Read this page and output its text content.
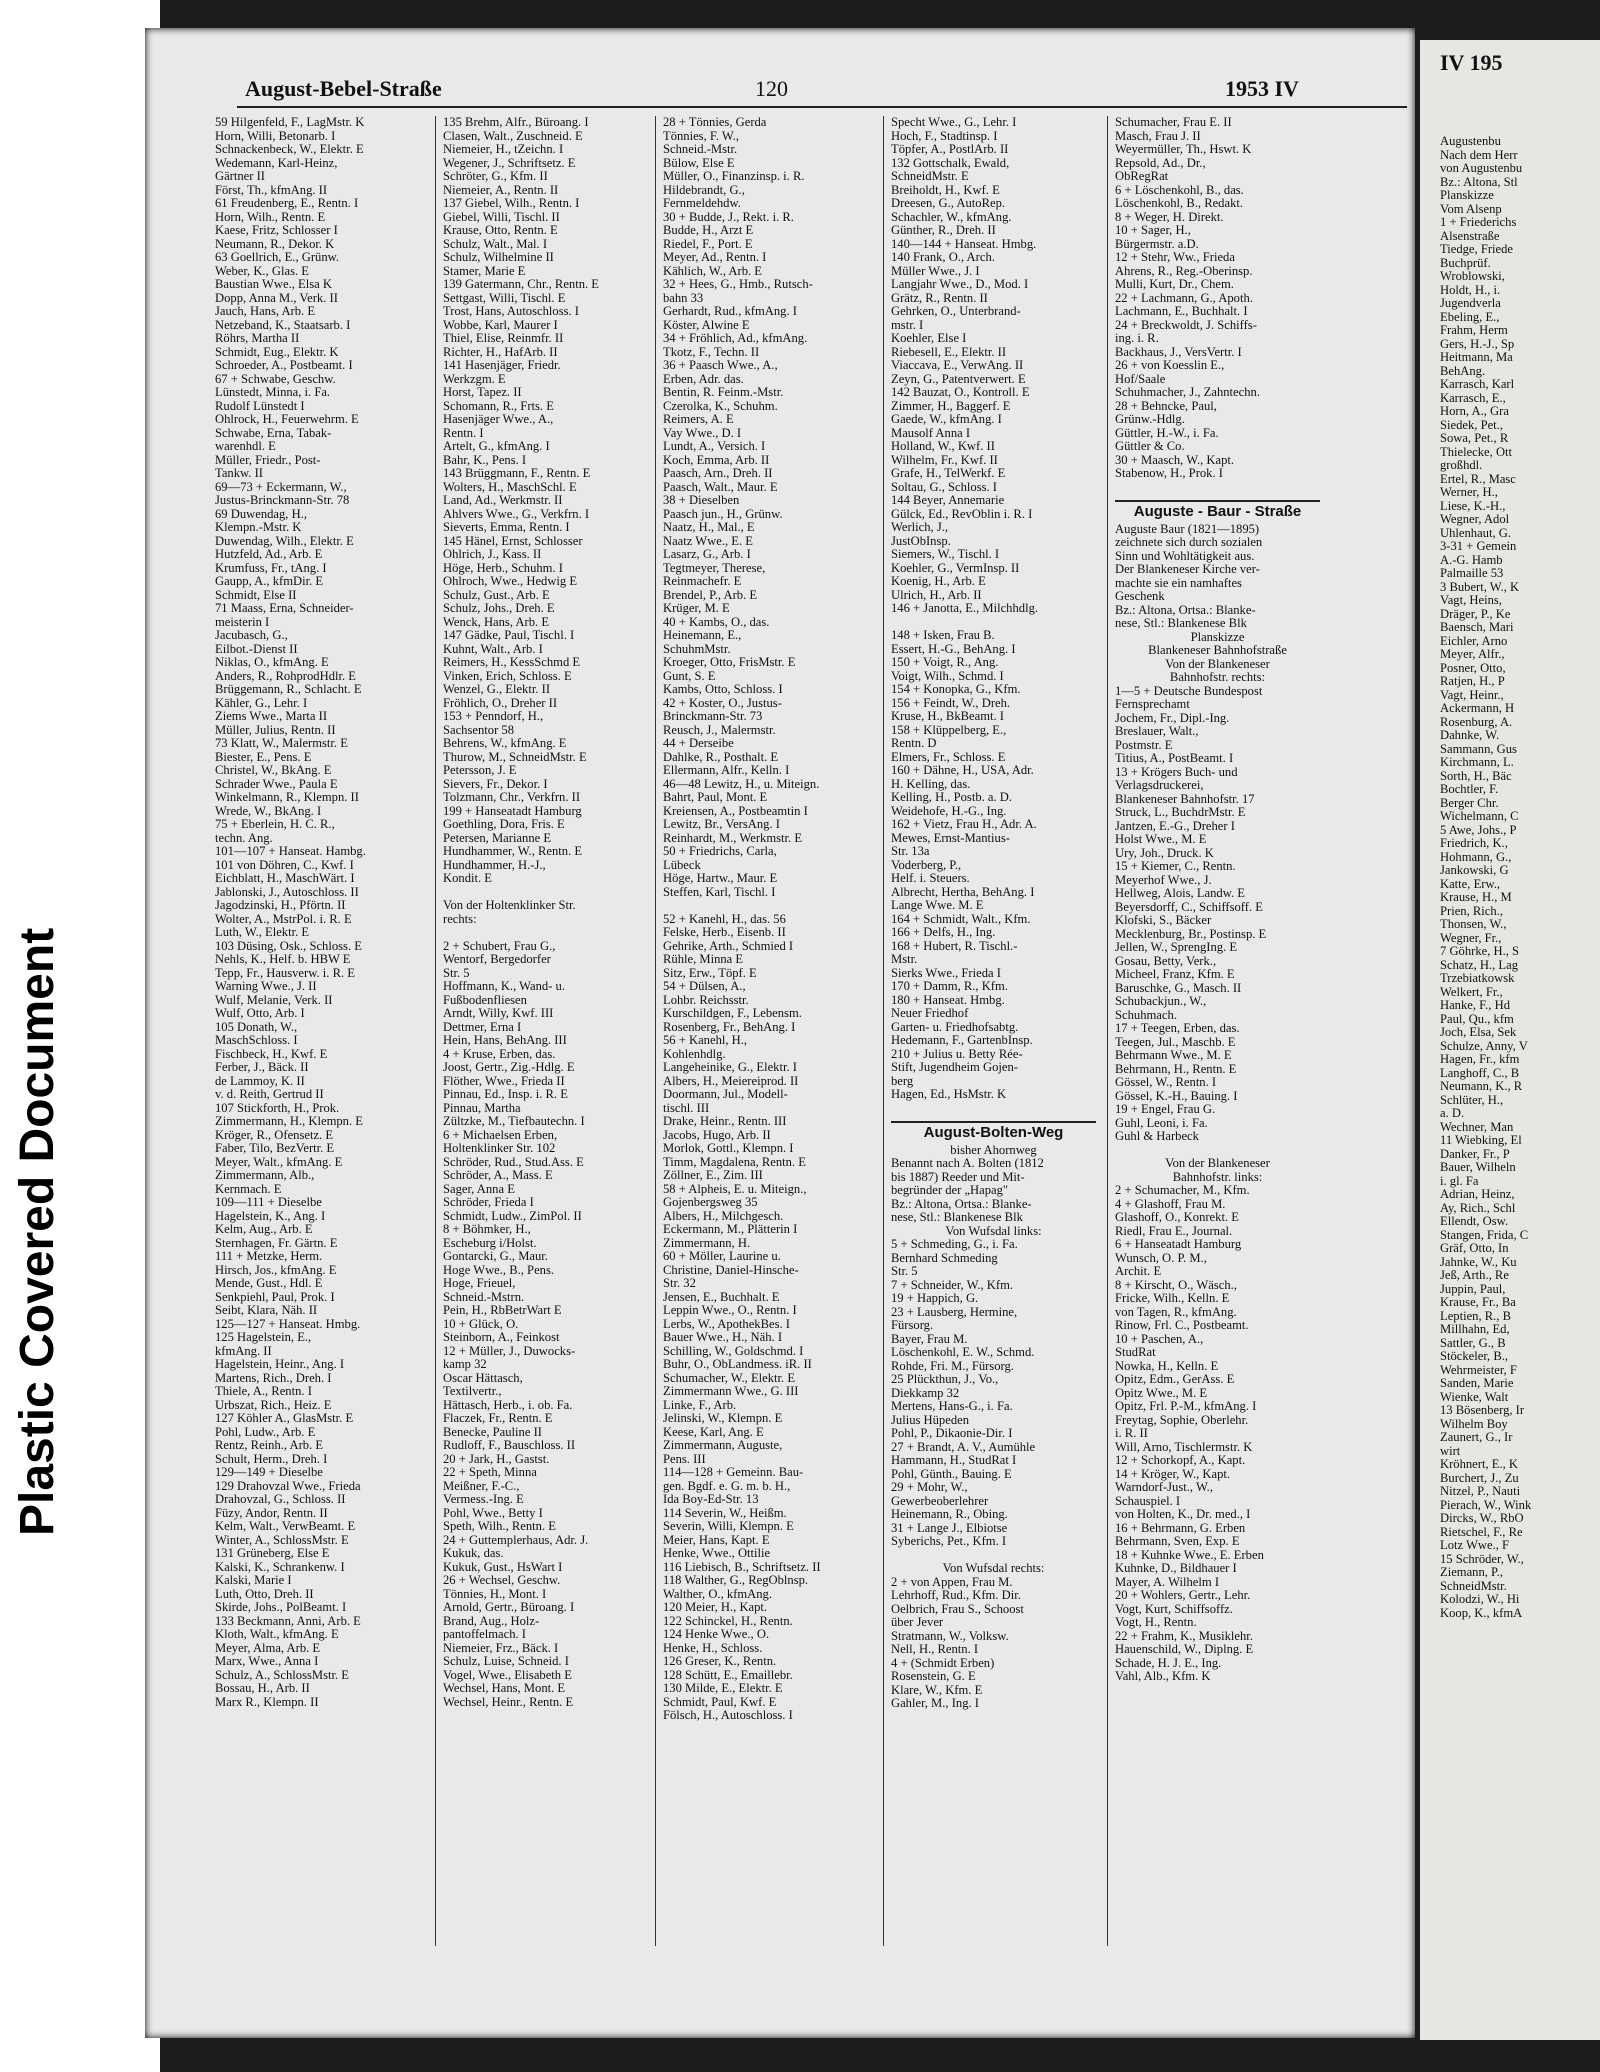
Plastic Covered Document
August-Bebel-Straße	120	1953 IV
59 Hilgenfeld, F., LagMstr. K
Horn, Willi, Betonarb. I
Schnackenbeck, W., Elektr. E
Wedemann, Karl-Heinz,
Gärtner II
Först, Th., kfmAng. II
61 Freudenberg, E., Rentn. I
Horn, Wilh., Rentn. E
Kaese, Fritz, Schlosser I
Neumann, R., Dekor. K
63 Goellrich, E., Grünw.
Weber, K., Glas. E
Baustian Wwe., Elsa K
Dopp, Anna M., Verk. II
Jauch, Hans, Arb. E
Netzeband, K., Staatsarb. I
Röhrs, Martha II
Schmidt, Eug., Elektr. K
Schroeder, A., Postbeamt. I
67 + Schwabe, Geschw.
Lünstedt, Minna, i. Fa.
Rudolf Lünstedt I
Ohlrock, H., Feuerwehrm. E
Schwabe, Erna, Tabak-
warenhdl. E
Müller, Friedr., Post-
Tankw. II
69—73 + Eckermann, W.,
Justus-Brinckmann-Str. 78
69 Duwendag, H.,
Klempn.-Mstr. K
Duwendag, Wilh., Elektr. E
Hutzfeld, Ad., Arb. E
Krumfuss, Fr., tAng. I
Gaupp, A., kfmDir. E
Schmidt, Else II
71 Maass, Erna, Schneider-
meisterin I
Jacubasch, G.,
Eilbot.-Dienst II
Niklas, O., kfmAng. E
Anders, R., RohprodHdlr. E
Brüggemann, R., Schlacht. E
Kähler, G., Lehr. I
Ziems Wwe., Marta II
Müller, Julius, Rentn. II
73 Klatt, W., Malermstr. E
Biester, E., Pens. E
Christel, W., BkAng. E
Schrader Wwe., Paula E
Winkelmann, R., Klempn. II
Wrede, W., BkAng. I
75 + Eberlein, H. C. R.,
techn. Ang.
101—107 + Hanseat. Hambg.
101 von Döhren, C., Kwf. I
Eichblatt, H., MaschWärt. I
Jablonski, J., Autoschloss. II
Jagodzinski, H., Pförtn. II
Wolter, A., MstrPol. i. R. E
Luth, W., Elektr. E
103 Düsing, Osk., Schloss. E
Nehls, K., Helf. b. HBW E
Tepp, Fr., Hausverw. i. R. E
Warning Wwe., J. II
Wulf, Melanie, Verk. II
Wulf, Otto, Arb. I
105 Donath, W.,
MaschSchloss. I
Fischbeck, H., Kwf. E
Ferber, J., Bäck. II
de Lammoy, K. II
v. d. Reith, Gertrud II
107 Stickforth, H., Prok.
Zimmermann, H., Klempn. E
Kröger, R., Ofensetz. E
Faber, Tilo, BezVertr. E
Meyer, Walt., kfmAng. E
Zimmermann, Alb.,
Kernmach. E
109—111 + Dieselbe
Hagelstein, K., Ang. I
Kelm, Aug., Arb. E
Sternhagen, Fr. Gärtn. E
111 + Metzke, Herm.
Hirsch, Jos., kfmAng. E
Mende, Gust., Hdl. E
Senkpiehl, Paul, Prok. I
Seibt, Klara, Näh. II
125—127 + Hanseat. Hmbg.
125 Hagelstein, E.,
kfmAng. II
Hagelstein, Heinr., Ang. I
Martens, Rich., Dreh. I
Thiele, A., Rentn. I
Urbszat, Rich., Heiz. E
127 Köhler A., GlasMstr. E
Pohl, Ludw., Arb. E
Rentz, Reinh., Arb. E
Schult, Herm., Dreh. I
129—149 + Dieselbe
129 Drahovzal Wwe., Frieda
Drahovzal, G., Schloss. II
Füzy, Andor, Rentn. II
Kelm, Walt., VerwBeamt. E
Winter, A., SchlossMstr. E
131 Grüneberg, Else E
Kalski, K., Schrankenw. I
Kalski, Marie I
Luth, Otto, Dreh. II
Skirde, Johs., PolBeamt. I
133 Beckmann, Anni, Arb. E
Kloth, Walt., kfmAng. E
Meyer, Alma, Arb. E
Marx, Wwe., Anna I
Schulz, A., SchlossMstr. E
Bossau, H., Arb. II
Marx R., Klempn. II
135 Brehm, Alfr., Büroang. I
Clasen, Walt., Zuschneid. E
Niemeier, H., tZeichn. I
Wegener, J., Schriftsetz. E
Schröter, G., Kfm. II
Niemeier, A., Rentn. II
137 Giebel, Wilh., Rentn. I
Giebel, Willi, Tischl. II
Krause, Otto, Rentn. E
Schulz, Walt., Mal. I
Schulz, Wilhelmine II
Stamer, Marie E
139 Gatermann, Chr., Rentn. E
Settgast, Willi, Tischl. E
Trost, Hans, Autoschloss. I
Wobbe, Karl, Maurer I
Thiel, Elise, Reinmfr. II
Richter, H., HafArb. II
141 Hasenjäger, Friedr.
Werkzgm. E
Horst, Tapez. II
Schomann, R., Frts. E
Hasenjäger Wwe., A.,
Rentn. I
Artelt, G., kfmAng. I
Bahr, K., Pens. I
143 Brüggmann, F., Rentn. E
Wolters, H., MaschSchl. E
Land, Ad., Werkmstr. II
Ahlvers Wwe., G., Verkfrn. I
Sieverts, Emma, Rentn. I
145 Hänel, Ernst, Schlosser
Ohlrich, J., Kass. II
Höge, Herb., Schuhm. I
Ohlroch, Wwe., Hedwig E
Schulz, Gust., Arb. E
Schulz, Johs., Dreh. E
Wenck, Hans, Arb. E
147 Gädke, Paul, Tischl. I
Kuhnt, Walt., Arb. I
Reimers, H., KessSchmd E
Vinken, Erich, Schloss. E
Wenzel, G., Elektr. II
Fröhlich, O., Dreher II
153 + Penndorf, H.,
Sachsentor 58
Behrens, W., kfmAng. E
Thurow, M., SchneidMstr. E
Petersson, J. E
Sievers, Fr., Dekor. I
Tolzmann, Chr., Verkfrn. II
199 + Hanseatadt Hamburg
Goethling, Dora, Fris. E
Petersen, Marianne E
Hundhammer, W., Rentn. E
Hundhammer, H.-J.,
Kondit. E

Von der Holtenklinker Str.
rechts:

2 + Schubert, Frau G.,
Wentorf, Bergedorfer
Str. 5
Hoffmann, K., Wand- u.
Fußbodenfliesen
Arndt, Willy, Kwf. III
Dettmer, Erna I
Hein, Hans, BehAng. III
4 + Kruse, Erben, das.
Joost, Gertr., Zig.-Hdlg. E
Flöther, Wwe., Frieda II
Pinnau, Ed., Insp. i. R. E
Pinnau, Martha
Zültzke, M., Tiefbautechn. I
6 + Michaelsen Erben,
Holtenklinker Str. 102
Schröder, Rud., Stud.Ass. E
Schröder, A., Mass. E
Sager, Anna E
Schröder, Frieda I
Schmidt, Ludw., ZimPol. II
8 + Böhmker, H.,
Escheburg i/Holst.
Gontarcki, G., Maur.
Hoge Wwe., B., Pens.
Hoge, Frieuel,
Schneid.-Mstrn.
Pein, H., RbBetrWart E
10 + Glück, O.
Steinborn, A., Feinkost
12 + Müller, J., Duwocks-
kamp 32
Oscar Hättasch,
Textilvertr.,
Hättasch, Herb., i. ob. Fa.
Flaczek, Fr., Rentn. E
Benecke, Pauline II
Rudloff, F., Bauschloss. II
20 + Jark, H., Gastst.
22 + Speth, Minna
Meißner, F.-C.,
Vermess.-Ing. E
Pohl, Wwe., Betty I
Speth, Wilh., Rentn. E
24 + Guttemplerhaus, Adr. J.
Kukuk, das.
Kukuk, Gust., HsWart I
26 + Wechsel, Geschw.
Tönnies, H., Mont. I
Arnold, Gertr., Büroang. I
Brand, Aug., Holz-
pantoffelmach. I
Niemeier, Frz., Bäck. I
Schulz, Luise, Schneid. I
Vogel, Wwe., Elisabeth E
Wechsel, Hans, Mont. E
Wechsel, Heinr., Rentn. E
28 + Tönnies, Gerda
Tönnies, F. W.,
Schneid.-Mstr.
Bülow, Else E
Müller, O., Finanzinsp. i. R.
Hildebrandt, G.,
Fernmeldehdw.
30 + Budde, J., Rekt. i. R.
Budde, H., Arzt E
Riedel, F., Port. E
Meyer, Ad., Rentn. I
Kählich, W., Arb. E
32 + Hees, G., Hmb., Rutsch-
bahn 33
Gerhardt, Rud., kfmAng. I
Köster, Alwine E
34 + Fröhlich, Ad., kfmAng.
Tkotz, F., Techn. II
36 + Paasch Wwe., A.,
Erben, Adr. das.
Bentin, R. Feinm.-Mstr.
Czerolka, K., Schuhm.
Reimers, A. E
Vay Wwe., D. I
Lundt, A., Versich. I
Koch, Emma, Arb. II
Paasch, Arn., Dreh. II
Paasch, Walt., Maur. E
38 + Dieselben
Paasch jun., H., Grünw.
Naatz, H., Mal., E
Naatz Wwe., E. E
Lasarz, G., Arb. I
Tegtmeyer, Therese,
Reinmachefr. E
Brendel, P., Arb. E
Krüger, M. E
40 + Kambs, O., das.
Heinemann, E.,
SchuhmMstr.
Kroeger, Otto, FrisMstr. E
Gunt, S. E
Kambs, Otto, Schloss. I
42 + Koster, O., Justus-
Brinckmann-Str. 73
Reusch, J., Malermstr.
44 + Derseibe
Dahlke, R., Posthalt. E
Ellermann, Alfr., Kelln. I
46—48 Lewitz, H., u. Miteign.
Bahrt, Paul, Mont. E
Kreiensen, A., Postbeamtin I
Lewitz, Br., VersAng. I
Reinhardt, M., Werkmstr. E
50 + Friedrichs, Carla,
Lübeck
Höge, Hartw., Maur. E
Steffen, Karl, Tischl. I

52 + Kanehl, H., das. 56
Felske, Herb., Eisenb. II
Gehrike, Arth., Schmied I
Rühle, Minna E
Sitz, Erw., Töpf. E
54 + Dülsen, A.,
Lohbr. Reichsstr.
Kurschildgen, F., Lebensm.
Rosenberg, Fr., BehAng. I
56 + Kanehl, H.,
Kohlenhdlg.
Langeheinike, G., Elektr. I
Albers, H., Meiereiprod. II
Doormann, Jul., Modell-
tischl. III
Drake, Heinr., Rentn. III
Jacobs, Hugo, Arb. II
Morlok, Gottl., Klempn. I
Timm, Magdalena, Rentn. E
Zöllner, E., Zim. III
58 + Alpheis, E. u. Miteign.,
Gojenbergsweg 35
Albers, H., Milchgesch.
Eckermann, M., Plätterin I
Zimmermann, H.
60 + Möller, Laurine u.
Christine, Daniel-Hinsche-
Str. 32
Jensen, E., Buchhalt. E
Leppin Wwe., O., Rentn. I
Lerbs, W., ApothekBes. I
Bauer Wwe., H., Näh. I
Schilling, W., Goldschmd. I
Buhr, O., ObLandmess. iR. II
Schumacher, W., Elektr. E
Zimmermann Wwe., G. III
Linke, F., Arb.
Jelinski, W., Klempn. E
Keese, Karl, Ang. E
Zimmermann, Auguste,
Pens. III
114—128 + Gemeinn. Bau-
gen. Bgdf. e. G. m. b. H.,
Ida Boy-Ed-Str. 13
114 Severin, W., Heißm.
Severin, Willi, Klempn. E
Meier, Hans, Kapt. E
Henke, Wwe., Ottilie
116 Liebisch, B., Schriftsetz. II
118 Walther, G., RegOblnsp.
Walther, O., kfmAng.
120 Meier, H., Kapt.
122 Schinckel, H., Rentn.
124 Henke Wwe., O.
Henke, H., Schloss.
126 Greser, K., Rentn.
128 Schütt, E., Emaillebr.
130 Milde, E., Elektr. E
Schmidt, Paul, Kwf. E
Fölsch, H., Autoschloss. I
Specht Wwe., G., Lehr. I
Hoch, F., Stadtinsp. I
Töpfer, A., PostlArb. II
132 Gottschalk, Ewald,
SchneidMstr. E
Breiholdt, H., Kwf. E
Dreesen, G., AutoRep.
Schachler, W., kfmAng.
Günther, R., Dreh. II
140—144 + Hanseat. Hmbg.
140 Frank, O., Arch.
Müller Wwe., J. I
Langjahr Wwe., D., Mod. I
Grätz, R., Rentn. II
Gehrken, O., Unterbrand-
mstr. I
Koehler, Else I
Riebesell, E., Elektr. II
Viaccava, E., VerwAng. II
Zeyn, G., Patentverwert. E
142 Bauzat, O., Kontroll. E
Zimmer, H., Baggerf. E
Gaede, W., kfmAng. I
Mausolf Anna I
Holland, W., Kwf. II
Wilhelm, Fr., Kwf. II
Grafe, H., TelWerkf. E
Soltau, G., Schloss. I
144 Beyer, Annemarie
Gülck, Ed., RevOblin i. R. I
Werlich, J.,
JustObInsp.
Siemers, W., Tischl. I
Koehler, G., VermInsp. II
Koenig, H., Arb. E
Ulrich, H., Arb. II
146 + Janotta, E., Milchhdlg.

148 + Isken, Frau B.
Essert, H.-G., BehAng. I
150 + Voigt, R., Ang.
Voigt, Wilh., Schmd. I
154 + Konopka, G., Kfm.
156 + Feindt, W., Dreh.
Kruse, H., BkBeamt. I
158 + Klüppelberg, E.,
Rentn. D
Elmers, Fr., Schloss. E
160 + Dähne, H., USA, Adr.
H. Kelling, das.
Kelling, H., Postb. a. D.
Weidehofe, H.-G., Ing.
162 + Vietz, Frau H., Adr. A.
Mewes, Ernst-Mantius-
Str. 13a
Voderberg, P.,
Helf. i. Steuers.
Albrecht, Hertha, BehAng. I
Lange Wwe. M. E
164 + Schmidt, Walt., Kfm.
166 + Delfs, H., Ing.
168 + Hubert, R. Tischl.-
Mstr.
Sierks Wwe., Frieda I
170 + Damm, R., Kfm.
180 + Hanseat. Hmbg.
Neuer Friedhof
Garten- u. Friedhofsabtg.
Hedemann, F., GartenbInsp.
210 + Julius u. Betty Rée-
Stift, Jugendheim Gojen-
berg
Hagen, Ed., HsMstr. K

August-Bolten-Weg
bisher Ahornweg
Benannt nach A. Bolten (1812
bis 1887) Reeder und Mit-
begründer der „Hapag"
Bz.: Altona, Ortsa.: Blanke-
nese, Stl.: Blankenese Blk
Von Wufsdal links:
5 + Schmeding, G., i. Fa.
Bernhard Schmeding
Str. 5
7 + Schneider, W., Kfm.
19 + Happich, G.
23 + Lausberg, Hermine,
Fürsorg.
Bayer, Frau M.
Löschenkohl, E. W., Schmd.
Rohde, Fri. M., Fürsorg.
25 Plückthun, J., Vo.,
Diekkamp 32
Mertens, Hans-G., i. Fa.
Julius Hüpeden
Pohl, P., Dikaonie-Dir. I
27 + Brandt, A. V., Aumühle
Hammann, H., StudRat I
Pohl, Günth., Bauing. E
29 + Mohr, W.,
Gewerbeoberlehrer
Heinemann, R., Obing.
31 + Lange J., Elbiotse
Syberichs, Pet., Kfm. I

Von Wufsdal rechts:
2 + von Appen, Frau M.
Lehrhoff, Rud., Kfm. Dir.
Oelbrich, Frau S., Schoost
über Jever
Stratmann, W., Volksw.
Nell, H., Rentn. I
4 + (Schmidt Erben)
Rosenstein, G. E
Klare, W., Kfm. E
Gahler, M., Ing. I
Schumacher, Frau E. II
Masch, Frau J. II
Weyermüller, Th., Hswt. K
Repsold, Ad., Dr.,
ObRegRat
6 + Löschenkohl, B., das.
Löschenkohl, B., Redakt.
8 + Weger, H. Direkt.
10 + Sager, H.,
Bürgermstr. a.D.
12 + Stehr, Ww., Frieda
Ahrens, R., Reg.-Oberinsp.
Mulli, Kurt, Dr., Chem.
22 + Lachmann, G., Apoth.
Lachmann, E., Buchhalt. I
24 + Breckwoldt, J. Schiffs-
ing. i. R.
Backhaus, J., VersVertr. I
26 + von Koesslin E.,
Hof/Saale
Schuhmacher, J., Zahntechn.
28 + Behncke, Paul,
Grünw.-Hdlg.
Güttler, H.-W., i. Fa.
Güttler & Co.
30 + Maasch, W., Kapt.
Stabenow, H., Prok. I

Auguste - Baur - Straße
Auguste Baur (1821—1895)
zeichnete sich durch sozialen
Sinn und Wohltätigkeit aus.
Der Blankeneser Kirche ver-
machte sie ein namhaftes
Geschenk
Bz.: Altona, Ortsa.: Blanke-
nese, Stl.: Blankenese Blk
Planskizze
Blankeneser Bahnhofstraße
Von der Blankeneser
Bahnhofstr. rechts:
1—5 + Deutsche Bundespost
Fernsprechamt
Jochem, Fr., Dipl.-Ing.
Breslauer, Walt.,
Postmstr. E
Titius, A., PostBeamt. I
13 + Krögers Buch- und
Verlagsdruckerei,
Blankeneser Bahnhofstr. 17
Struck, L., BuchdrMstr. E
Jantzen, E.-G., Dreher I
Holst Wwe., M. E
Ury, Joh., Druck. K
15 + Kiemer, C., Rentn.
Meyerhof Wwe., J.
Hellweg, Alois, Landw. E
Beyersdorff, C., Schiffsoff. E
Klofski, S., Bäcker
Mecklenburg, Br., Postinsp. E
Jellen, W., SprengIng. E
Gosau, Betty, Verk.,
Micheel, Franz, Kfm. E
Baruschke, G., Masch. II
Schubackjun., W.,
Schuhmach.
17 + Teegen, Erben, das.
Teegen, Jul., Maschb. E
Behrmann Wwe., M. E
Behrmann, H., Rentn. E
Gössel, W., Rentn. I
Gössel, K.-H., Bauing. I
19 + Engel, Frau G.
Guhl, Leoni, i. Fa.
Guhl & Harbeck

Von der Blankeneser
Bahnhofstr. links:
2 + Schumacher, M., Kfm.
4 + Glashoff, Frau M.
Glashoff, O., Konrekt. E
Riedl, Frau E., Journal.
6 + Hanseatadt Hamburg
Wunsch, O. P. M.,
Archit. E
8 + Kirscht, O., Wäsch.,
Fricke, Wilh., Kelln. E
von Tagen, R., kfmAng.
Rinow, Frl. C., Postbeamt.
10 + Paschen, A.,
StudRat
Nowka, H., Kelln. E
Opitz, Edm., GerAss. E
Opitz Wwe., M. E
Opitz, Frl. P.-M., kfmAng. I
Freytag, Sophie, Oberlehr.
i. R. II
Will, Arno, Tischlermstr. K
12 + Schorkopf, A., Kapt.
14 + Kröger, W., Kapt.
Warndorf-Just., W.,
Schauspiel. I
von Holten, K., Dr. med., I
16 + Behrmann, G. Erben
Behrmann, Sven, Exp. E
18 + Kuhnke Wwe., E. Erben
Kuhnke, D., Bildhauer I
Mayer, A. Wilhelm I
20 + Wohlers, Gertr., Lehr.
Vogt, Kurt, Schiffsoffz.
Vogt, H., Rentn.
22 + Frahm, K., Musiklehr.
Hauenschild, W., Diplng. E
Schade, H. J. E., Ing.
Vahl, Alb., Kfm. K
IV 195
Augustenbu
Nach dem Herr
von Augustenbu
Bz.: Altona, Stl
Planskizze
Vom Alsenp
1 + Friederichs
Alsenstraße
Tiedge, Friede
Buchprüf.
Wroblowski,
Holdt, H., i.
Jugendverla
Ebeling, E.,
Frahm, Herm
Gers, H.-J., Sp
Heitmann, Ma
BehAng.
Karrasch, Karl
Karrasch, E.,
Horn, A., Gra
Siedek, Pet.,
Sowa, Pet., R
Thielecke, Ott
großhdl.
Ertel, R., Masc
Werner, H.,
Liese, K.-H.,
Wegner, Adol
Uhlenhaut, G.
3-31 + Gemein
A.-G. Hamb
Palmaille 53
3 Bubert, W., K
Vagt, Heins,
Dräger, P., Ke
Baensch, Mari
Eichler, Arno
Meyer, Alfr.,
Posner, Otto,
Ratjen, H., P
Vagt, Heinr.,
Ackermann, H
Rosenburg, A.
Dahnke, W.
Sammann, Gus
Kirchmann, L.
Sorth, H., Bäc
Bochtler, F.
Berger Chr.
Wichelmann, C
5 Awe, Johs., P
Friedrich, K.,
Hohmann, G.,
Jankowski, G
Katte, Erw.,
Krause, H., M
Prien, Rich.,
Thonsen, W.,
Wegner, Fr.,
7 Göhrke, H., S
Schatz, H., Lag
Trzebiatkowsk
Welkert, Fr.,
Hanke, F., Hd
Paul, Qu., kfm
Joch, Elsa, Sek
Schulze, Anny, V
Hagen, Fr., kfm
Langhoff, C., B
Neumann, K., R
Schlüter, H.,
a. D.
Wechner, Man
11 Wiebking, El
Danker, Fr., P
Bauer, Wilheln
i. gl. Fa
Adrian, Heinz,
Ay, Rich., Schl
Ellendt, Osw.
Stangen, Frida, C
Gräf, Otto, In
Jahnke, W., Ku
Jeß, Arth., Re
Juppin, Paul,
Krause, Fr., Ba
Leptien, R., B
Millhahn, Ed,
Sattler, G., B
Stöckeler, B.,
Wehrmeister, F
Sanden, Marie
Wienke, Walt
13 Bösenberg, Ir
Wilhelm Boy
Zaunert, G., Ir
wirt
Kröhnert, E., K
Burchert, J., Zu
Nitzel, P., Nauti
Pierach, W., Wink
Dircks, W., RbO
Rietschel, F., Re
Lotz Wwe., F
15 Schröder, W.,
Ziemann, P.,
SchneidMstr.
Kolodzi, W., Hi
Koop, K., kfmA
